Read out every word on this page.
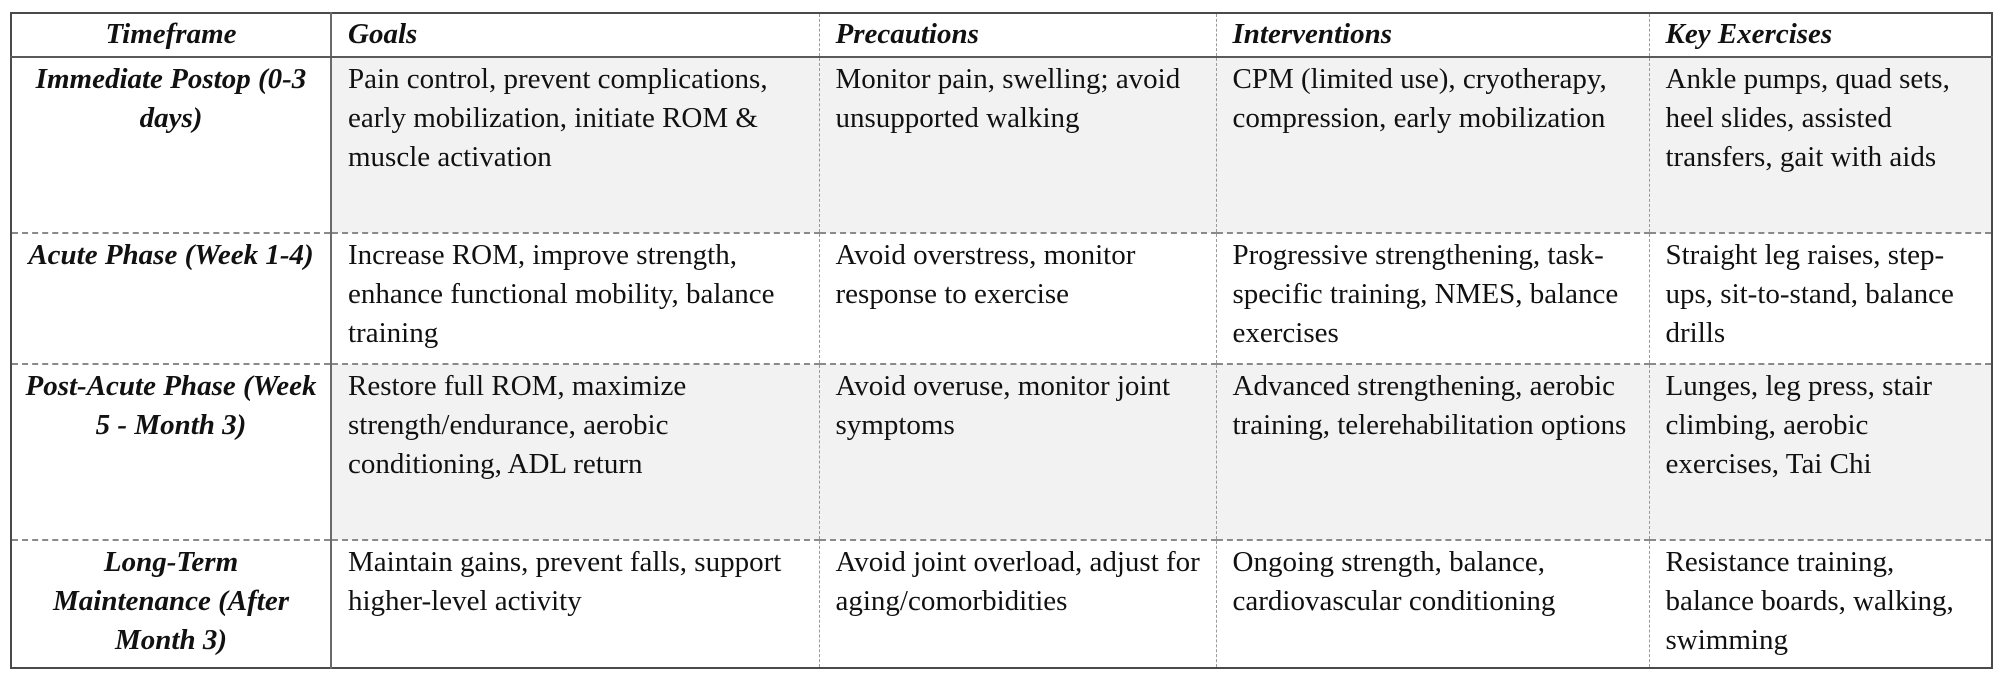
Timeframe	Goals	Precautions	Interventions	Key Exercises
Immediate Postop (0-3 days)	Pain control, prevent complications, early mobilization, initiate ROM & muscle activation	Monitor pain, swelling; avoid unsupported walking	CPM (limited use), cryotherapy, compression, early mobilization	Ankle pumps, quad sets, heel slides, assisted transfers, gait with aids
Acute Phase (Week 1-4)	Increase ROM, improve strength, enhance functional mobility, balance training	Avoid overstress, monitor response to exercise	Progressive strengthening, task-specific training, NMES, balance exercises	Straight leg raises, step-ups, sit-to-stand, balance drills
Post-Acute Phase (Week 5 - Month 3)	Restore full ROM, maximize strength/endurance, aerobic conditioning, ADL return	Avoid overuse, monitor joint symptoms	Advanced strengthening, aerobic training, telerehabilitation options	Lunges, leg press, stair climbing, aerobic exercises, Tai Chi
Long-Term Maintenance (After Month 3)	Maintain gains, prevent falls, support higher-level activity	Avoid joint overload, adjust for aging/comorbidities	Ongoing strength, balance, cardiovascular conditioning	Resistance training, balance boards, walking, swimming
